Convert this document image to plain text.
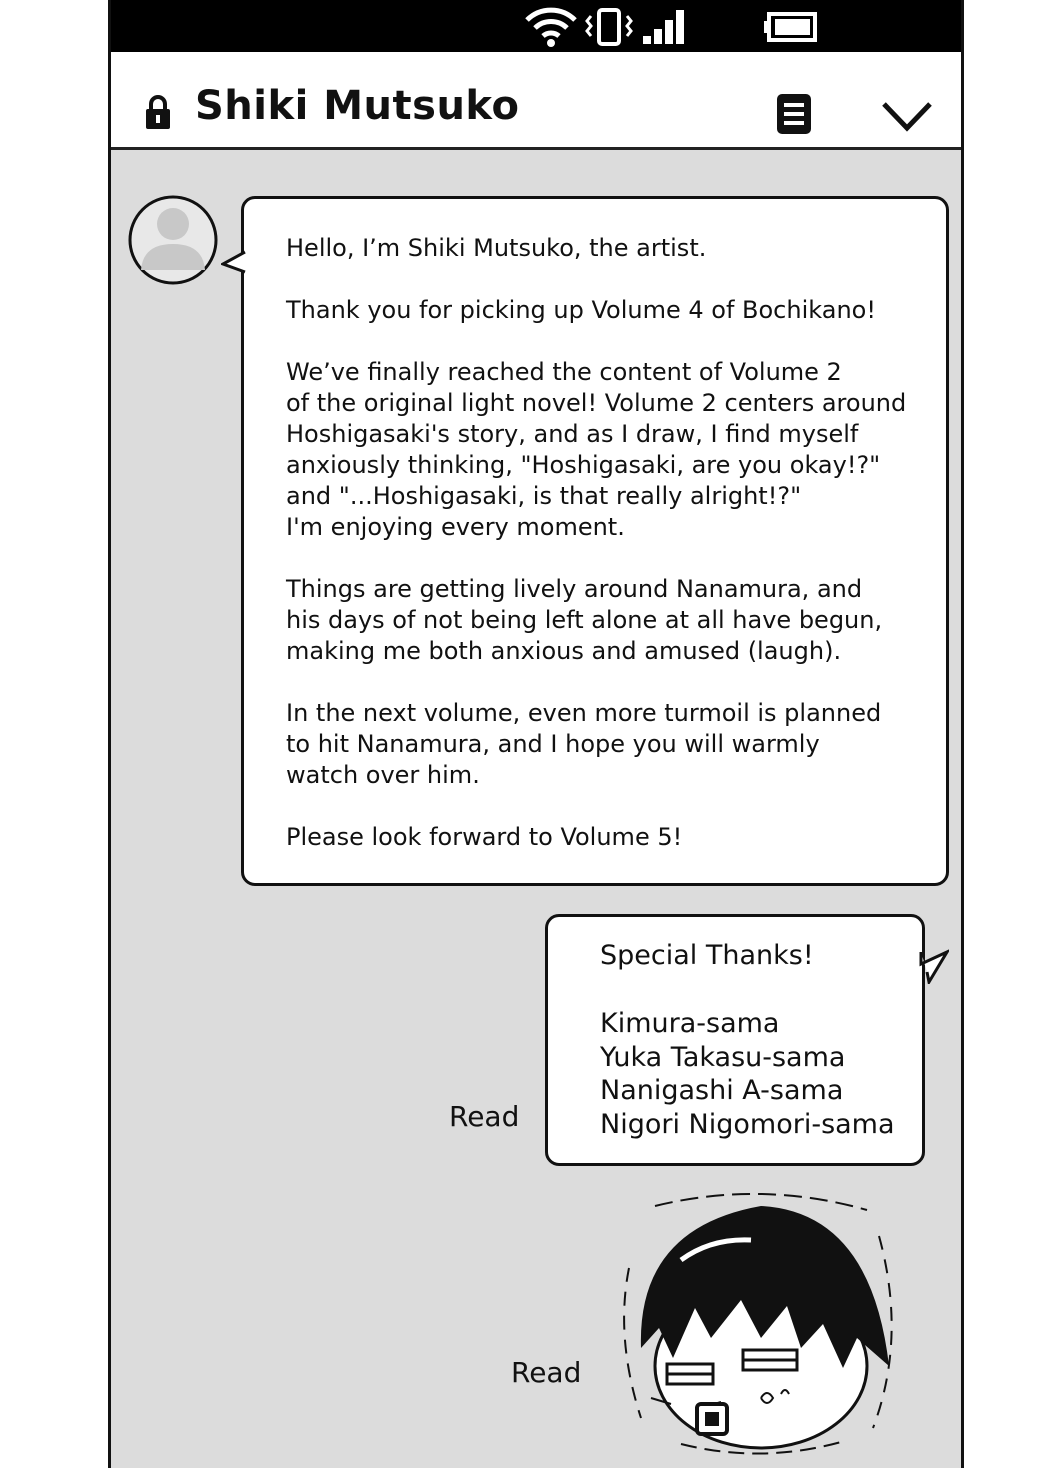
Shiki Mutsuko

Hello, I’m Shiki Mutsuko, the artist.

Thank you for picking up Volume 4 of Bochikano!

We’ve finally reached the content of Volume 2
of the original light novel! Volume 2 centers around
Hoshigasaki's story, and as I draw, I find myself
anxiously thinking, "Hoshigasaki, are you okay!?"
and "...Hoshigasaki, is that really alright!?"
I'm enjoying every moment.

Things are getting lively around Nanamura, and
his days of not being left alone at all have begun,
making me both anxious and amused (laugh).

In the next volume, even more turmoil is planned
to hit Nanamura, and I hope you will warmly
watch over him.

Please look forward to Volume 5!

Special Thanks!
Kimura-sama
Yuka Takasu-sama
Nanigashi A-sama
Nigori Nigomori-sama
Read
Read
